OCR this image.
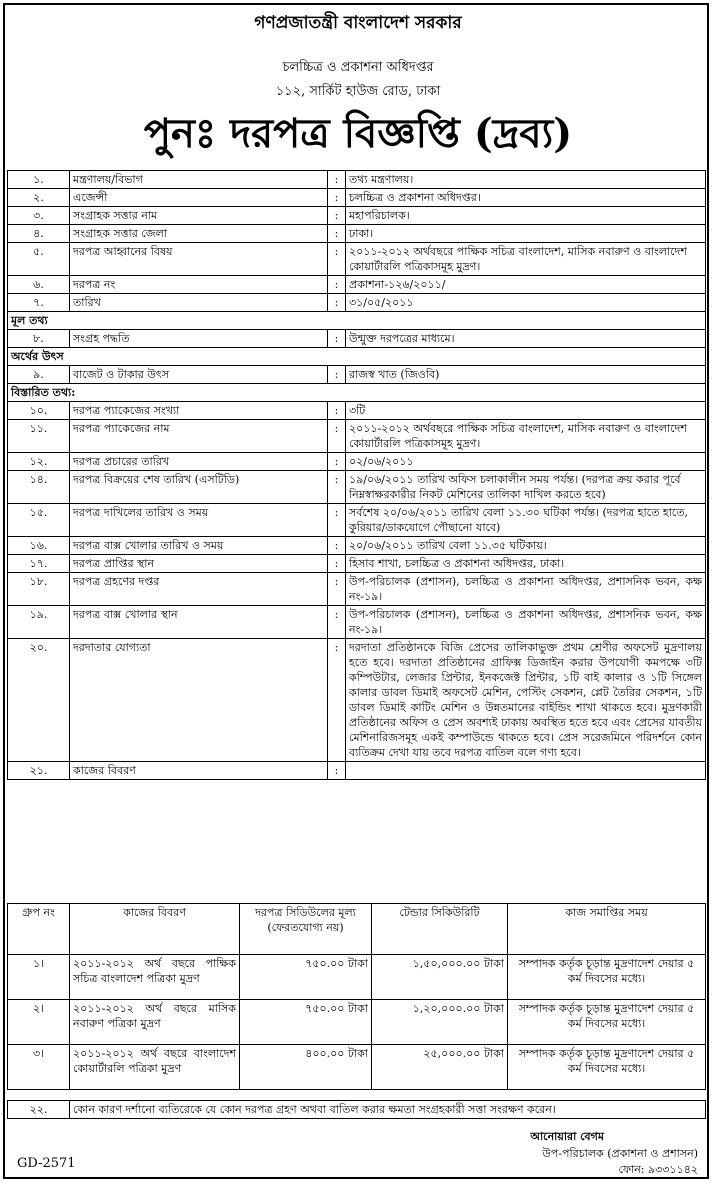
গণপ্রজাতন্ত্রী বাংলাদেশ সরকার
চলচ্চিত্র ও প্রকাশনা অধিদপ্তর
১১২, সার্কিট হাউজ রোড, ঢাকা
পুনঃ দরপত্র বিজ্ঞপ্তি (দ্রব্য)
১.	মন্ত্রণালয়/বিভাগ	:	তথ্য মন্ত্রণালয়।
২.	এজেন্সী	:	চলচ্চিত্র ও প্রকাশনা অধিদপ্তর।
৩.	সংগ্রাহক সত্তার নাম	:	মহাপরিচালক।
৪.	সংগ্রাহক সত্তার জেলা	:	ঢাকা।
৫.	দরপত্র আহ্বানের বিষয়	:	২০১১-২০১২ অর্থবছরে পাক্ষিক সচিত্র বাংলাদেশ, মাসিক নবারুণ ও বাংলাদেশ কোয়ার্টারলি পত্রিকাসমূহ মুদ্রণ।
৬.	দরপত্র নং	:	প্রকাশনা-১২৬/২০১১/
৭.	তারিখ	:	৩১/০৫/২০১১
মূল তথ্য			
৮.	সংগ্রহ পদ্ধতি	:	উন্মুক্ত দরপত্রের মাধ্যমে।
অর্থের উৎস			
৯.	বাজেট ও টাকার উৎস	:	রাজস্ব খাত (জিওবি)
বিস্তারিত তথ্য:			
১০.	দরপত্র প্যাকেজের সংখ্যা	:	৩টি
১১.	দরপত্র প্যাকেজের নাম	:	২০১১-২০১২ অর্থবছরে পাক্ষিক সচিত্র বাংলাদেশ, মাসিক নবারুণ ও বাংলাদেশ কোয়ার্টারলি পত্রিকাসমূহ মুদ্রণ।
১২.	দরপত্র প্রচারের তারিখ	:	০২/০৬/২০১১
১৪.	দরপত্র বিক্রয়ের শেষ তারিখ (এসটিডি)	:	১৯/০৬/২০১১ তারিখ অফিস চলাকালীন সময় পর্যন্ত। (দরপত্র ক্রয় করার পূর্বে নিম্নস্বাক্ষরকারীর নিকট মেশিনের তালিকা দাখিল করতে হবে)
১৫.	দরপত্র দাখিলের তারিখ ও সময়	:	সর্বশেষ ২০/০৬/২০১১ তারিখ বেলা ১১.৩০ ঘটিকা পর্যন্ত। (দরপত্র হাতে হাতে, কুরিয়ার/ডাকযোগে পৌছানো যাবে)
১৬.	দরপত্র বাক্স খোলার তারিখ ও সময়	:	২০/০৬/২০১১ তারিখ বেলা ১১.৩৫ ঘটিকায়।
১৭.	দরপত্র প্রাপ্তির স্থান	:	হিসাব শাখা, চলচ্চিত্র ও প্রকাশনা অধিদপ্তর, ঢাকা।
১৮.	দরপত্র গ্রহণের দপ্তর	:	উপ-পরিচালক (প্রশাসন), চলচ্চিত্র ও প্রকাশনা অধিদপ্তর, প্রশাসনিক ভবন, কক্ষ নং-১৯।
১৯.	দরপত্র বাক্স খোলার স্থান	:	উপ-পরিচালক (প্রশাসন), চলচ্চিত্র ও প্রকাশনা অধিদপ্তর, প্রশাসনিক ভবন, কক্ষ নং-১৯।
২০.	দরদাতার যোগ্যতা	:	দরদাতা প্রতিষ্ঠানকে বিজি প্রেসের তালিকাভুক্ত প্রথম শ্রেণীর অফসেট মুদ্রণালয় হতে হবে। দরদাতা প্রতিষ্ঠানের গ্রাফিক্স ডিজাইন করার উপযোগী কমপক্ষে ৩টি কম্পিউটার, লেজার প্রিন্টার, ইনকজেক্ট প্রিন্টার, ১টি বাই কালার ও ১টি সিঙ্গেল কালার ডাবল ডিমাই অফসেট মেশিন, পেস্টিং সেকশন, প্লেট তৈরির সেকশন, ১টি ডাবল ডিমাই কাটিং মেশিন ও উন্নতমানের বাইন্ডিং শাখা থাকতে হবে। মুদ্রণকারী প্রতিষ্ঠানের অফিস ও প্রেস অবশ্যই ঢাকায় অবস্থিত হতে হবে এবং প্রেসের যাবতীয় মেশিনারিজসমূহ একই কম্পাউন্ডে থাকতে হবে। প্রেস সরেজমিনে পরিদর্শনে কোন ব্যতিক্রম দেখা যায় তবে দরপত্র বাতিল বলে গণ্য হবে।
২১.	কাজের বিবরণ	:	
গ্রুপ নং	কাজের বিবরণ	দরপত্র সিডিউলের মূল্য (ফেরতযোগ্য নয়)	টেন্ডার সিকিউরিটি	কাজ সমাপ্তির সময়
১।	২০১১-২০১২ অর্থ বছরে পাক্ষিক সচিত্র বাংলাদেশ পত্রিকা মুদ্রণ	৭৫০.০০ টাকা	১,৫০,০০০.০০ টাকা	সম্পাদক কর্তৃক চূড়ান্ত মুদ্রণাদেশ দেয়ার ৫ কর্ম দিবসের মধ্যে।
২।	২০১১-২০১২ অর্থ বছরে মাসিক নবারুণ পত্রিকা মুদ্রণ	৭৫০.০০ টাকা	১,২০,০০০.০০ টাকা	সম্পাদক কর্তৃক চূড়ান্ত মুদ্রণাদেশ দেয়ার ৫ কর্ম দিবসের মধ্যে।
৩।	২০১১-২০১২ অর্থ বছরে বাংলাদেশ কোয়ার্টারলি পত্রিকা মুদ্রণ	৪০০.০০ টাকা	২৫,০০০.০০ টাকা	সম্পাদক কর্তৃক চূড়ান্ত মুদ্রণাদেশ দেয়ার ৫ কর্ম দিবসের মধ্যে।
২২.	কোন কারণ দর্শানো ব্যতিরেকে যে কোন দরপত্র গ্রহণ অথবা বাতিল করার ক্ষমতা সংগ্রহকারী সত্তা সংরক্ষণ করেন।
আনোয়ারা বেগম
উপ-পরিচালক (প্রকাশনা ও প্রশাসন)
ফোন: ৯৩৩১১৪২
GD-2571
